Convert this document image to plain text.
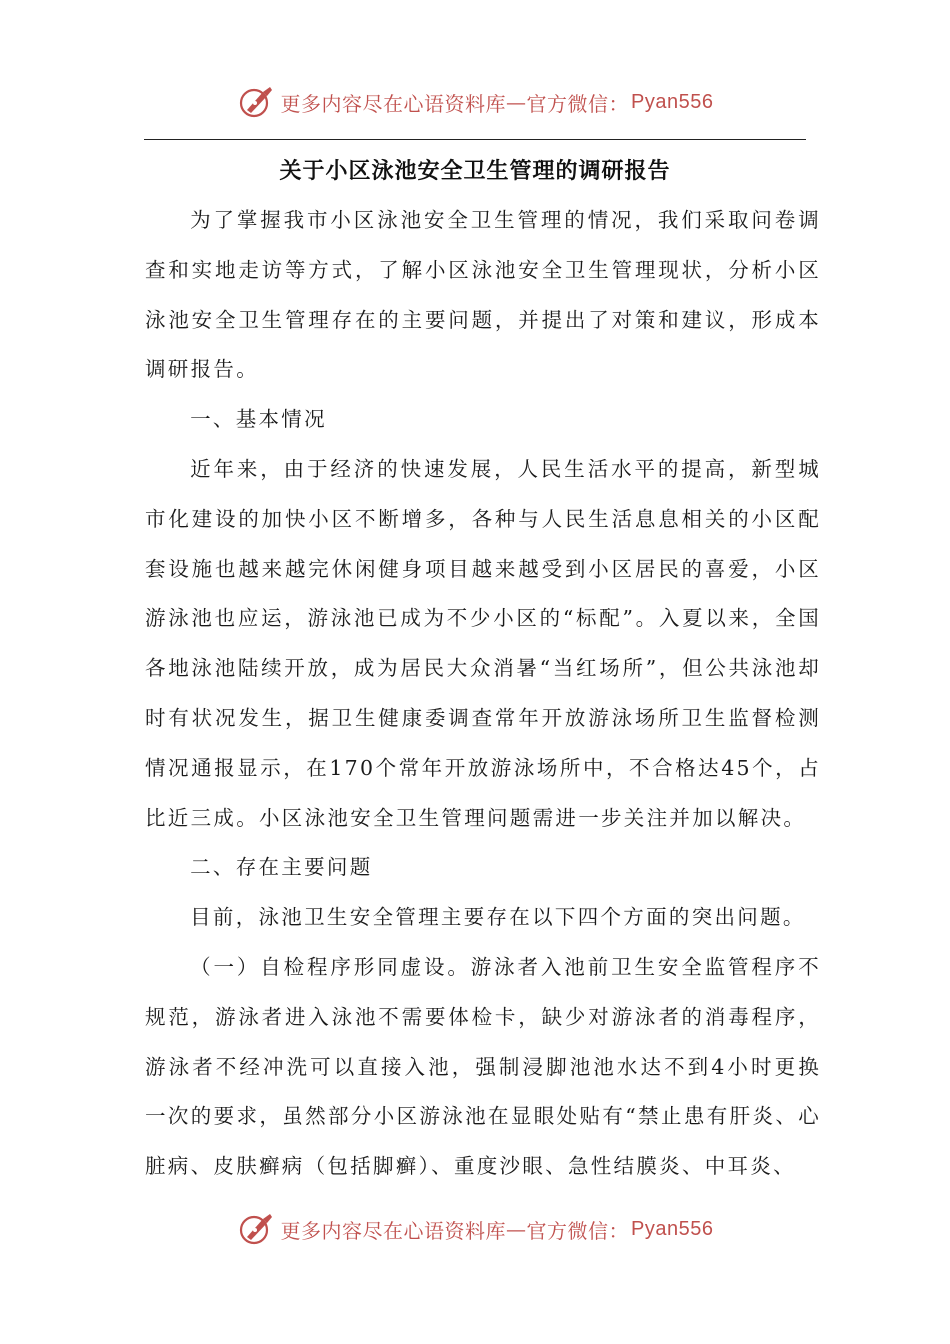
更多内容尽在心语资料库 — 官方微信： Pyan556
关于小区泳池安全卫生管理的调研报告

为了掌握我市小区泳池安全卫生管理的情况，我们采取问卷调查和实地走访等方式，了解小区泳池安全卫生管理现状，分析小区泳池安全卫生管理存在的主要问题，并提出了对策和建议，形成本调研报告。

一、基本情况

近年来，由于经济的快速发展，人民生活水平的提高，新型城市化建设的加快小区不断增多，各种与人民生活息息相关的小区配套设施也越来越完休闲健身项目越来越受到小区居民的喜爱，小区游泳池也应运，游泳池已成为不少小区的“标配”。入夏以来，全国各地泳池陆续开放，成为居民大众消暑“当红场所”，但公共泳池却时有状况发生，据卫生健康委调查常年开放游泳场所卫生监督检测情况通报显示，在170个常年开放游泳场所中，不合格达45个，占比近三成。小区泳池安全卫生管理问题需进一步关注并加以解决。

二、存在主要问题

目前，泳池卫生安全管理主要存在以下四个方面的突出问题。

（一）自检程序形同虚设。游泳者入池前卫生安全监管程序不规范，游泳者进入泳池不需要体检卡，缺少对游泳者的消毒程序，游泳者不经冲洗可以直接入池，强制浸脚池池水达不到4小时更换一次的要求，虽然部分小区游泳池在显眼处贴有“禁止患有肝炎、心脏病、皮肤癣病（包括脚癣）、重度沙眼、急性结膜炎、中耳炎、

更多内容尽在心语资料库 — 官方微信： Pyan556
